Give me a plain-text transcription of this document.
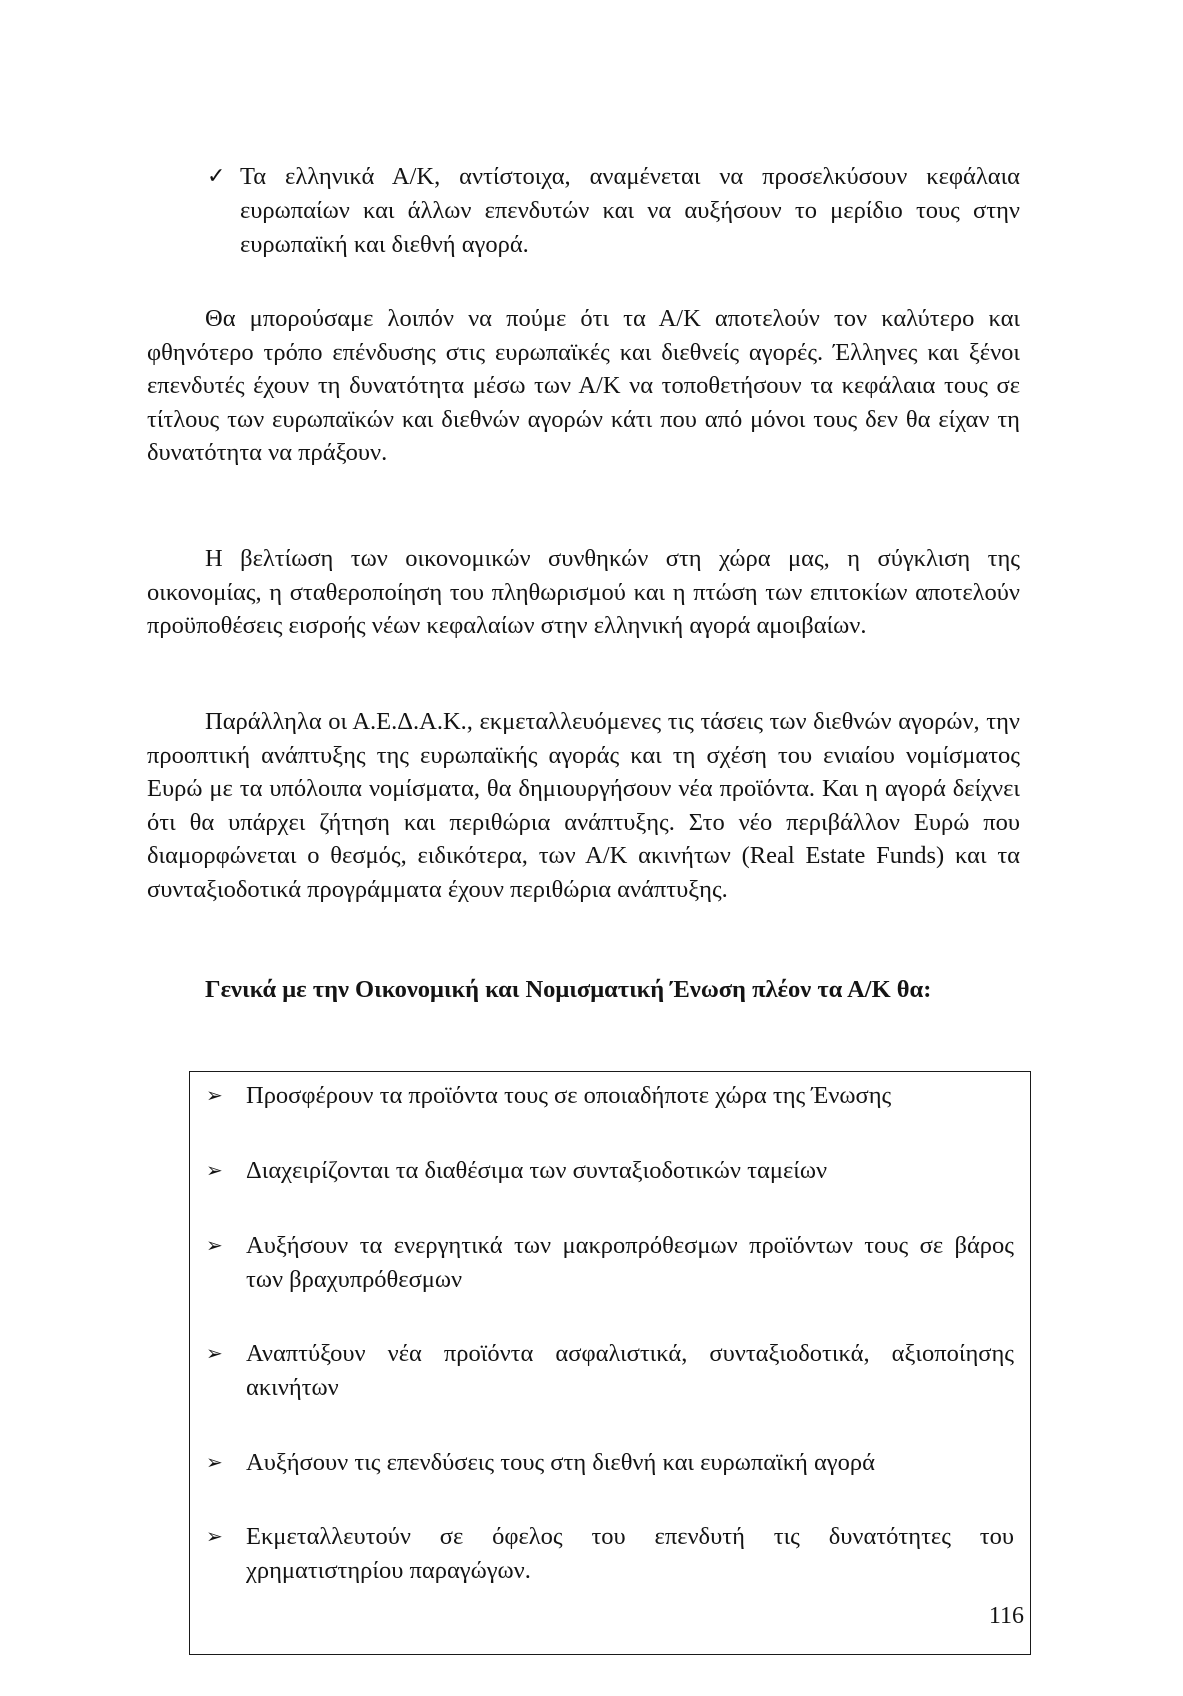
✓ Τα ελληνικά Α/Κ, αντίστοιχα, αναμένεται να προσελκύσουν κεφάλαια ευρωπαίων και άλλων επενδυτών και να αυξήσουν το μερίδιο τους στην ευρωπαϊκή και διεθνή αγορά.
Θα μπορούσαμε λοιπόν να πούμε ότι τα Α/Κ αποτελούν τον καλύτερο και φθηνότερο τρόπο επένδυσης στις ευρωπαϊκές και διεθνείς αγορές. Έλληνες και ξένοι επενδυτές έχουν τη δυνατότητα μέσω των Α/Κ να τοποθετήσουν τα κεφάλαια τους σε τίτλους των ευρωπαϊκών και διεθνών αγορών κάτι που από μόνοι τους δεν θα είχαν τη δυνατότητα να πράξουν.
Η βελτίωση των οικονομικών συνθηκών στη χώρα μας, η σύγκλιση της οικονομίας, η σταθεροποίηση του πληθωρισμού και η πτώση των επιτοκίων αποτελούν προϋποθέσεις εισροής νέων κεφαλαίων στην ελληνική αγορά αμοιβαίων.
Παράλληλα οι Α.Ε.Δ.Α.Κ., εκμεταλλευόμενες τις τάσεις των διεθνών αγορών, την προοπτική ανάπτυξης της ευρωπαϊκής αγοράς και τη σχέση του ενιαίου νομίσματος Ευρώ με τα υπόλοιπα νομίσματα, θα δημιουργήσουν νέα προϊόντα. Και η αγορά δείχνει ότι θα υπάρχει ζήτηση και περιθώρια ανάπτυξης. Στο νέο περιβάλλον Ευρώ που διαμορφώνεται ο θεσμός, ειδικότερα, των Α/Κ ακινήτων (Real Estate Funds) και τα συνταξιοδοτικά προγράμματα έχουν περιθώρια ανάπτυξης.
Γενικά με την Οικονομική και Νομισματική Ένωση πλέον τα Α/Κ θα:
➢ Προσφέρουν τα προϊόντα τους σε οποιαδήποτε χώρα της Ένωσης
➢ Διαχειρίζονται τα διαθέσιμα των συνταξιοδοτικών ταμείων
➢ Αυξήσουν τα ενεργητικά των μακροπρόθεσμων προϊόντων τους σε βάρος των βραχυπρόθεσμων
➢ Αναπτύξουν νέα προϊόντα ασφαλιστικά, συνταξιοδοτικά, αξιοποίησης ακινήτων
➢ Αυξήσουν τις επενδύσεις τους στη διεθνή και ευρωπαϊκή αγορά
➢ Εκμεταλλευτούν σε όφελος του επενδυτή τις δυνατότητες του χρηματιστηρίου παραγώγων.
116
